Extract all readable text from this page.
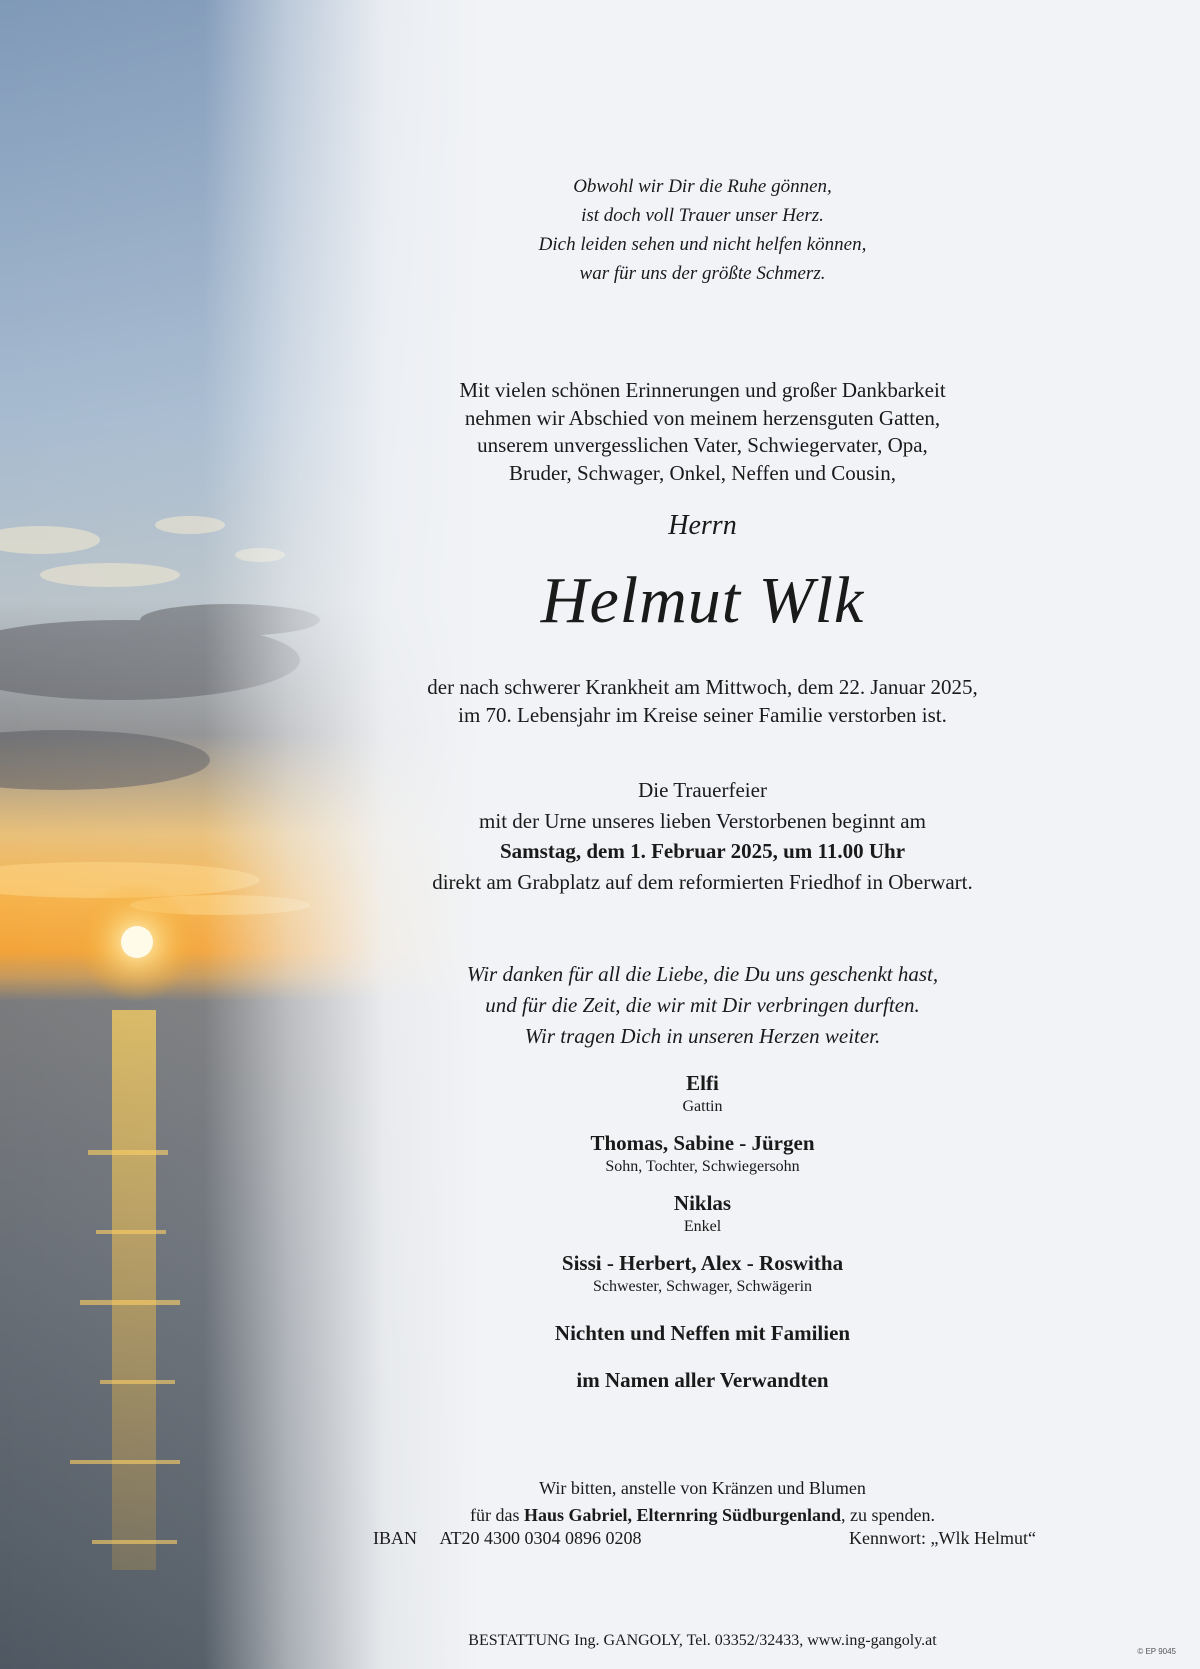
Obwohl wir Dir die Ruhe gönnen,
ist doch voll Trauer unser Herz.
Dich leiden sehen und nicht helfen können,
war für uns der größte Schmerz.
Mit vielen schönen Erinnerungen und großer Dankbarkeit
nehmen wir Abschied von meinem herzensguten Gatten,
unserem unvergesslichen Vater, Schwiegervater, Opa,
Bruder, Schwager, Onkel, Neffen und Cousin,
Herrn
Helmut Wlk
der nach schwerer Krankheit am Mittwoch, dem 22. Januar 2025,
im 70. Lebensjahr im Kreise seiner Familie verstorben ist.
Die Trauerfeier
mit der Urne unseres lieben Verstorbenen beginnt am
Samstag, dem 1. Februar 2025, um 11.00 Uhr
direkt am Grabplatz auf dem reformierten Friedhof in Oberwart.
Wir danken für all die Liebe, die Du uns geschenkt hast,
und für die Zeit, die wir mit Dir verbringen durften.
Wir tragen Dich in unseren Herzen weiter.
Elfi
Gattin
Thomas, Sabine - Jürgen
Sohn, Tochter, Schwiegersohn
Niklas
Enkel
Sissi - Herbert, Alex - Roswitha
Schwester, Schwager, Schwägerin
Nichten und Neffen mit Familien
im Namen aller Verwandten
Wir bitten, anstelle von Kränzen und Blumen
für das Haus Gabriel, Elternring Südburgenland, zu spenden.
IBAN AT20 4300 0304 0896 0208	Kennwort: „Wlk Helmut“
BESTATTUNG Ing. GANGOLY, Tel. 03352/32433, www.ing-gangoly.at
© EP 9045
